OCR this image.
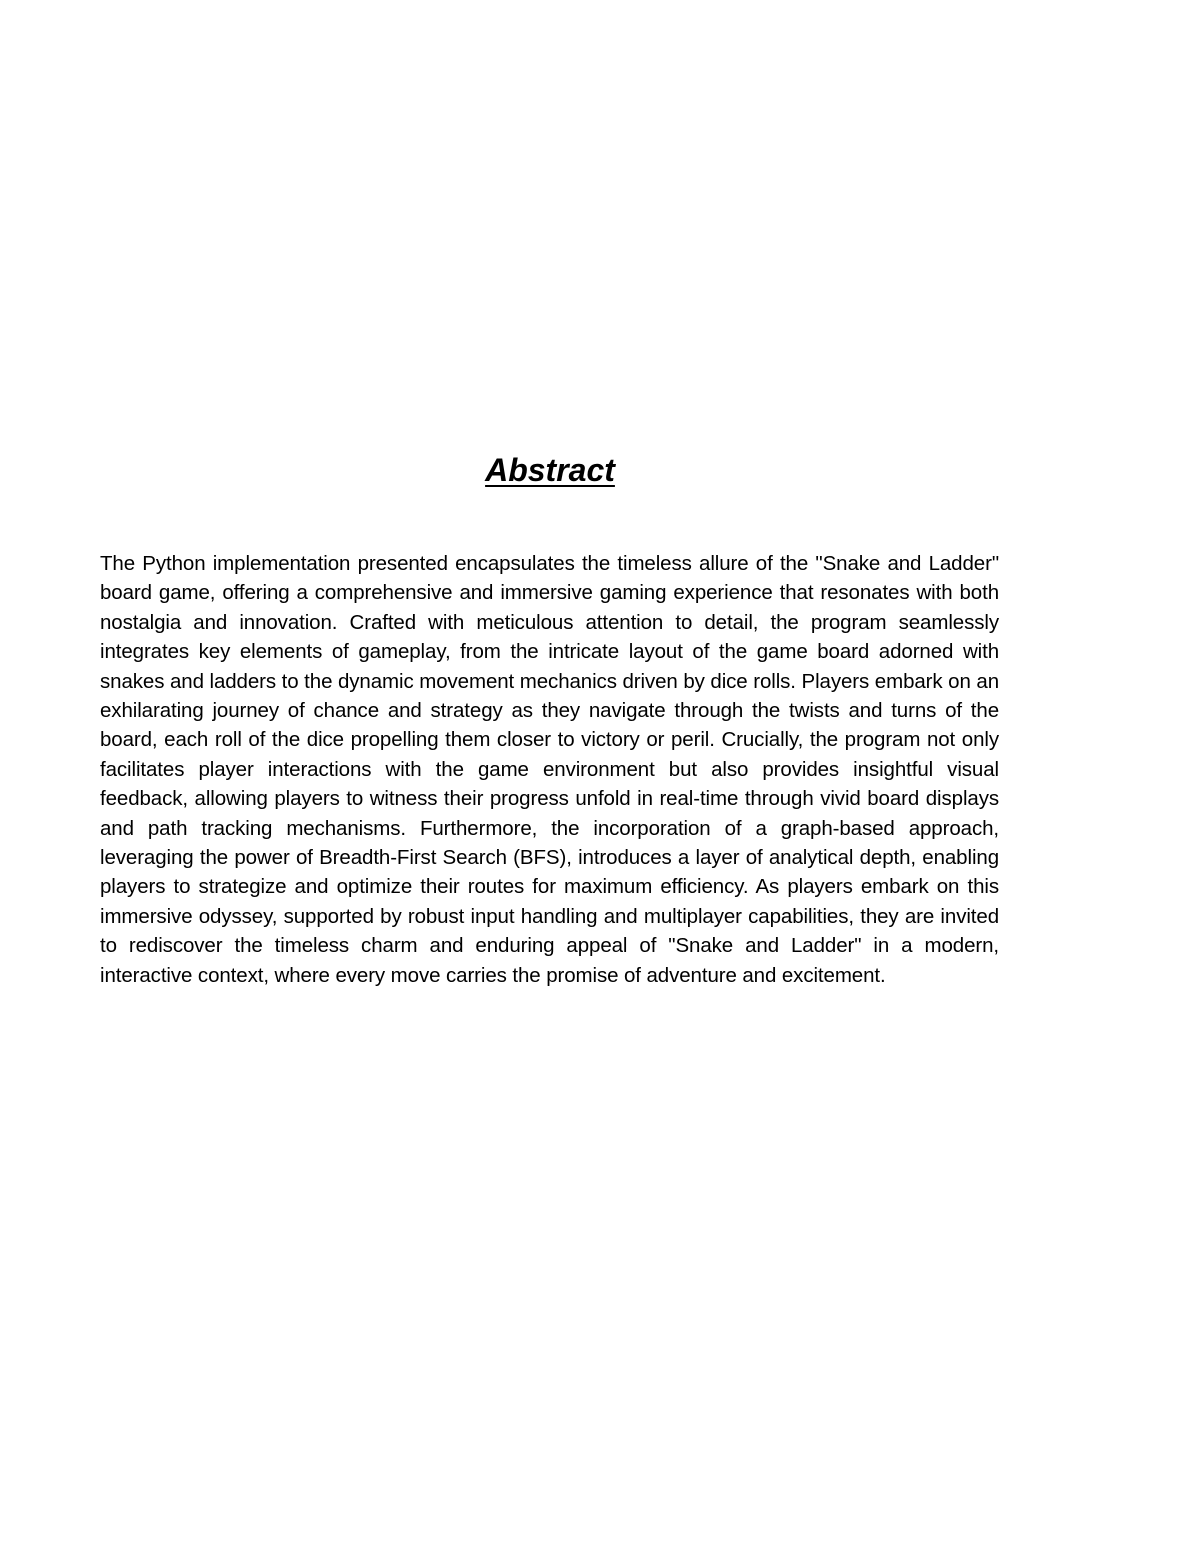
Abstract

The Python implementation presented encapsulates the timeless allure of the "Snake and Ladder" board game, offering a comprehensive and immersive gaming experience that resonates with both nostalgia and innovation. Crafted with meticulous attention to detail, the program seamlessly integrates key elements of gameplay, from the intricate layout of the game board adorned with snakes and ladders to the dynamic movement mechanics driven by dice rolls. Players embark on an exhilarating journey of chance and strategy as they navigate through the twists and turns of the board, each roll of the dice propelling them closer to victory or peril. Crucially, the program not only facilitates player interactions with the game environment but also provides insightful visual feedback, allowing players to witness their progress unfold in real-time through vivid board displays and path tracking mechanisms. Furthermore, the incorporation of a graph-based approach, leveraging the power of Breadth-First Search (BFS), introduces a layer of analytical depth, enabling players to strategize and optimize their routes for maximum efficiency. As players embark on this immersive odyssey, supported by robust input handling and multiplayer capabilities, they are invited to rediscover the timeless charm and enduring appeal of "Snake and Ladder" in a modern, interactive context, where every move carries the promise of adventure and excitement.
